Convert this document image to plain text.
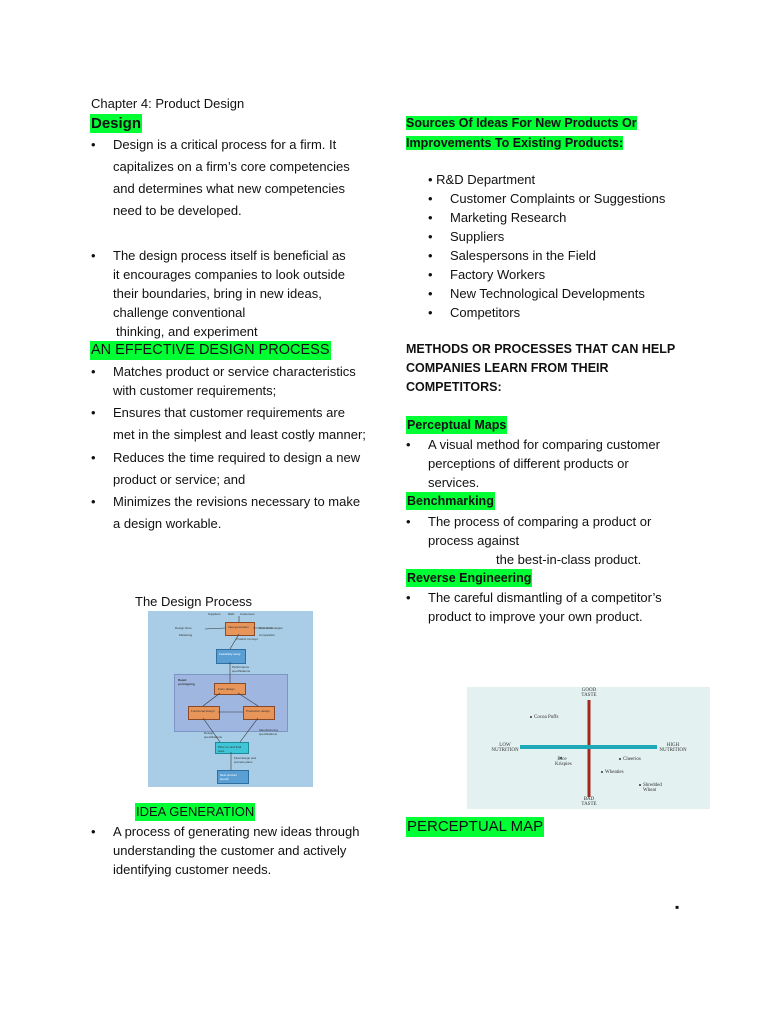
Chapter 4: Product Design
Design
• Design is a critical process for a firm. It capitalizes on a firm’s core competencies and determines what new competencies need to be developed.
• The design process itself is beneficial as
it encourages companies to look outside
their boundaries, bring in new ideas,
challenge conventional
thinking, and experiment
AN EFFECTIVE DESIGN PROCESS
• Matches product or service characteristics with customer requirements;
• Ensures that customer requirements are met in the simplest and least costly manner;
• Reduces the time required to design a new product or service; and
• Minimizes the revisions necessary to make a design workable.
The Design Process
Suppliers R&D Customers
Design firms
Marketing
New technologies
Competition
Idea generation
Product concept
Feasibility study
Performance specifications
Rapid prototyping
Form design
Functional design	Production design
Design specifications
Manufacturing specifications
Pilot run and final tests
Final design and process plans
New product launch
IDEA GENERATION
• A process of generating new ideas through understanding the customer and actively identifying customer needs.
Sources Of Ideas For New Products Or Improvements To Existing Products:
• R&D Department
• Customer Complaints or Suggestions
• Marketing Research
• Suppliers
• Salespersons in the Field
• Factory Workers
• New Technological Developments
• Competitors
METHODS OR PROCESSES THAT CAN HELP COMPANIES LEARN FROM THEIR COMPETITORS:
Perceptual Maps
• A visual method for comparing customer perceptions of different products or services.
Benchmarking
• The process of comparing a product or
process against
the best-in-class product.
Reverse Engineering
• The careful dismantling of a competitor’s product to improve your own product.
GOOD TASTE
BAD TASTE
LOW NUTRITION
HIGH NUTRITION
Cocoa Puffs
Rice Krispies
Wheaties
Cheerios
Shredded Wheat
PERCEPTUAL MAP
▪
